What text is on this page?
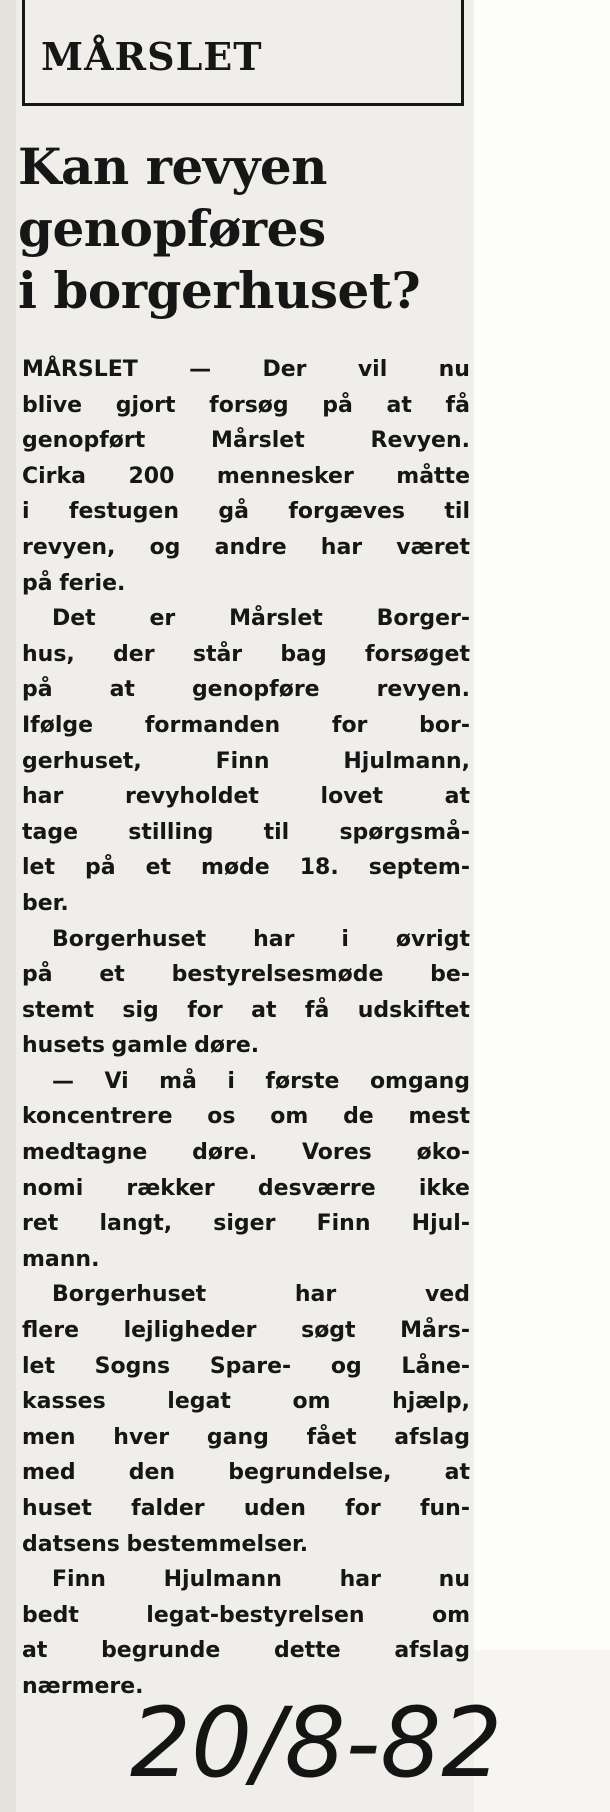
MÅRSLET
Kan revyen
genopføres
i borgerhuset?
MÅRSLET — Der vil nu
blive gjort forsøg på at få
genopført	Mårslet	Revyen.
Cirka 200 mennesker måtte
i festugen gå forgæves til
revyen, og andre har været
på ferie.
Det er Mårslet Borger-
hus, der står bag forsøget
på	at	genopføre	revyen.
Ifølge formanden for bor-
gerhuset,	Finn	Hjulmann,
har	revyholdet	lovet	at
tage stilling til spørgsmå-
let på et møde 18. septem-
ber.
Borgerhuset har i øvrigt
på et bestyrelsesmøde be-
stemt sig for at få udskiftet
husets gamle døre.
— Vi må i første omgang
koncentrere os om de mest
medtagne døre. Vores øko-
nomi rækker desværre ikke
ret langt, siger Finn Hjul-
mann.
Borgerhuset	har	ved
flere lejligheder søgt Mårs-
let Sogns Spare- og Låne-
kasses	legat	om	hjælp,
men hver gang fået afslag
med den begrundelse, at
huset falder uden for fun-
datsens bestemmelser.
Finn	Hjulmann	har	nu
bedt	legat-bestyrelsen	om
at begrunde dette afslag
nærmere.
20/8-82
